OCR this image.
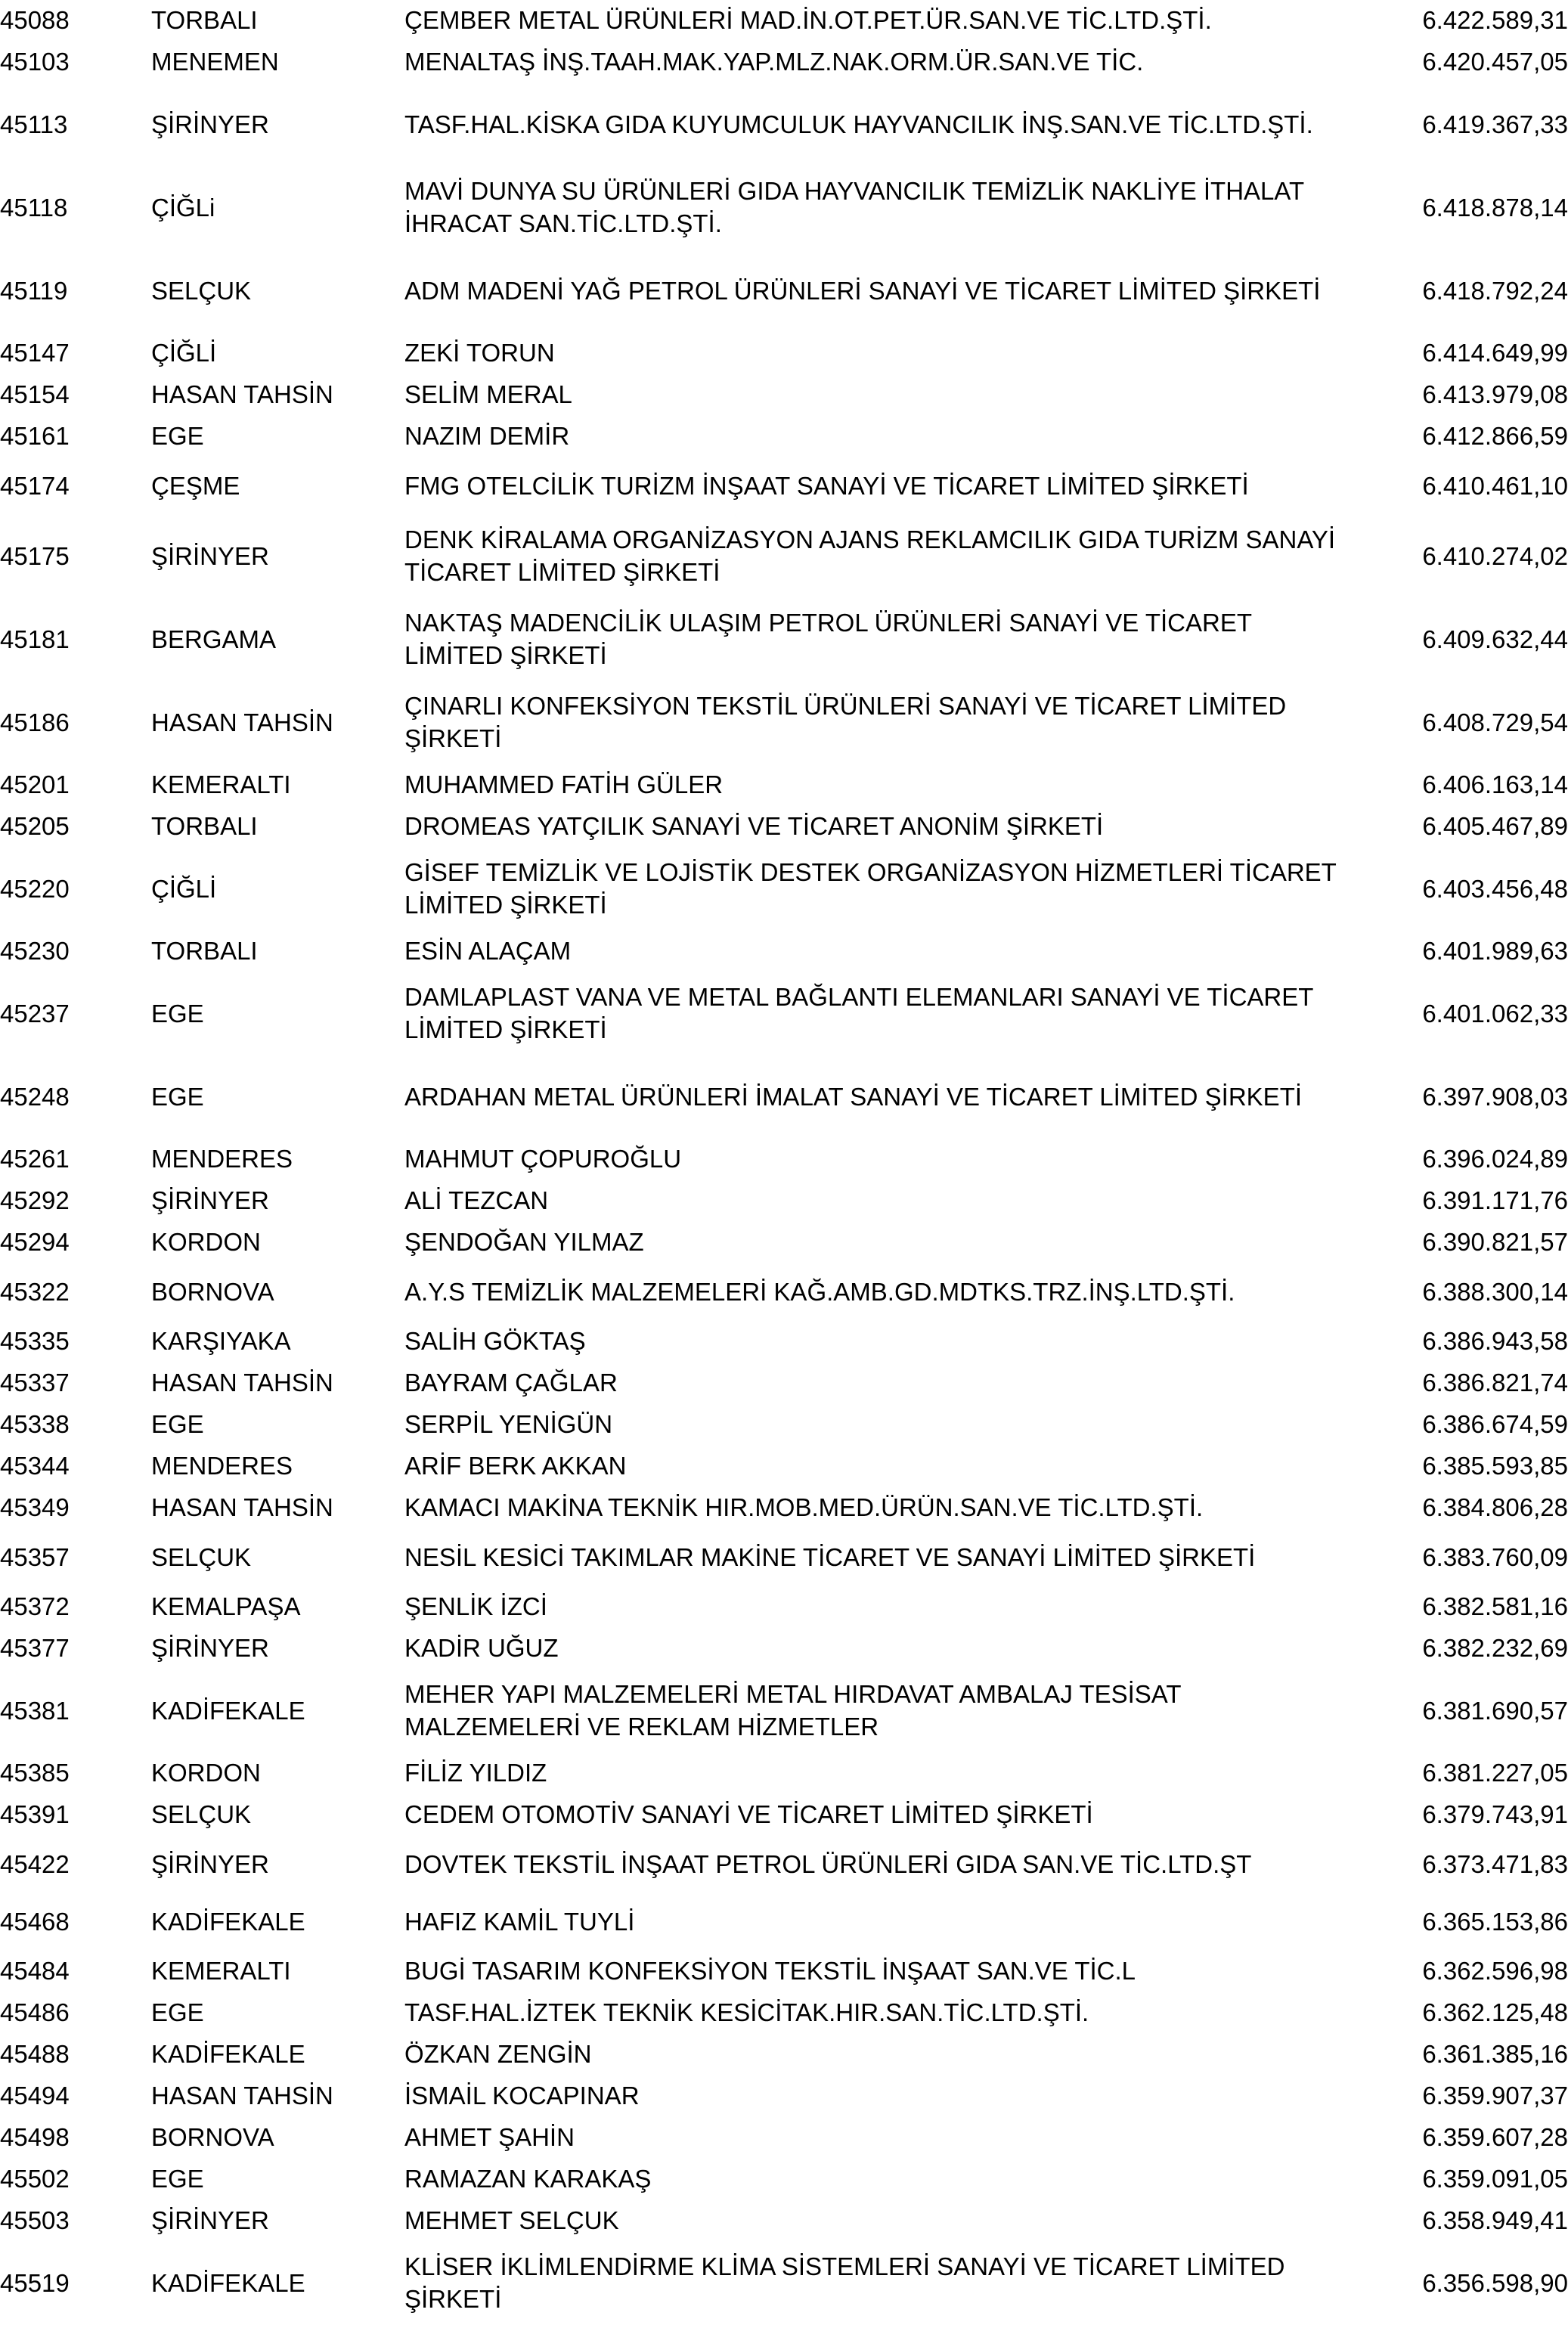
45088	TORBALI	ÇEMBER METAL ÜRÜNLERİ MAD.İN.OT.PET.ÜR.SAN.VE TİC.LTD.ŞTİ.	6.422.589,31
45103	MENEMEN	MENALTAŞ İNŞ.TAAH.MAK.YAP.MLZ.NAK.ORM.ÜR.SAN.VE TİC.	6.420.457,05
45113	ŞİRİNYER	TASF.HAL.KİSKA GIDA KUYUMCULUK HAYVANCILIK İNŞ.SAN.VE TİC.LTD.ŞTİ.	6.419.367,33
45118	ÇİĞLi	MAVİ DUNYA SU ÜRÜNLERİ GIDA HAYVANCILIK TEMİZLİK NAKLİYE İTHALAT İHRACAT SAN.TİC.LTD.ŞTİ.	6.418.878,14
45119	SELÇUK	ADM MADENİ YAĞ PETROL ÜRÜNLERİ SANAYİ VE TİCARET LİMİTED ŞİRKETİ	6.418.792,24
45147	ÇİĞLİ	ZEKİ TORUN	6.414.649,99
45154	HASAN TAHSİN	SELİM MERAL	6.413.979,08
45161	EGE	NAZIM DEMİR	6.412.866,59
45174	ÇEŞME	FMG OTELCİLİK TURİZM İNŞAAT SANAYİ VE TİCARET LİMİTED ŞİRKETİ	6.410.461,10
45175	ŞİRİNYER	DENK KİRALAMA ORGANİZASYON AJANS REKLAMCILIK GIDA TURİZM SANAYİ TİCARET LİMİTED ŞİRKETİ	6.410.274,02
45181	BERGAMA	NAKTAŞ MADENCİLİK ULAŞIM PETROL ÜRÜNLERİ SANAYİ VE TİCARET LİMİTED ŞİRKETİ	6.409.632,44
45186	HASAN TAHSİN	ÇINARLI KONFEKSİYON TEKSTİL ÜRÜNLERİ SANAYİ VE TİCARET LİMİTED ŞİRKETİ	6.408.729,54
45201	KEMERALTI	MUHAMMED FATİH GÜLER	6.406.163,14
45205	TORBALI	DROMEAS YATÇILIK SANAYİ VE TİCARET ANONİM ŞİRKETİ	6.405.467,89
45220	ÇİĞLİ	GİSEF TEMİZLİK VE LOJİSTİK DESTEK ORGANİZASYON HİZMETLERİ TİCARET LİMİTED ŞİRKETİ	6.403.456,48
45230	TORBALI	ESİN ALAÇAM	6.401.989,63
45237	EGE	DAMLAPLAST VANA VE METAL BAĞLANTI ELEMANLARI SANAYİ VE TİCARET LİMİTED ŞİRKETİ	6.401.062,33
45248	EGE	ARDAHAN METAL ÜRÜNLERİ İMALAT SANAYİ VE TİCARET LİMİTED ŞİRKETİ	6.397.908,03
45261	MENDERES	MAHMUT ÇOPUROĞLU	6.396.024,89
45292	ŞİRİNYER	ALİ TEZCAN	6.391.171,76
45294	KORDON	ŞENDOĞAN YILMAZ	6.390.821,57
45322	BORNOVA	A.Y.S TEMİZLİK MALZEMELERİ KAĞ.AMB.GD.MDTKS.TRZ.İNŞ.LTD.ŞTİ.	6.388.300,14
45335	KARŞIYAKA	SALİH GÖKTAŞ	6.386.943,58
45337	HASAN TAHSİN	BAYRAM ÇAĞLAR	6.386.821,74
45338	EGE	SERPİL YENİGÜN	6.386.674,59
45344	MENDERES	ARİF BERK AKKAN	6.385.593,85
45349	HASAN TAHSİN	KAMACI MAKİNA TEKNİK HIR.MOB.MED.ÜRÜN.SAN.VE TİC.LTD.ŞTİ.	6.384.806,28
45357	SELÇUK	NESİL KESİCİ TAKIMLAR MAKİNE TİCARET VE SANAYİ LİMİTED ŞİRKETİ	6.383.760,09
45372	KEMALPAŞA	ŞENLİK İZCİ	6.382.581,16
45377	ŞİRİNYER	KADİR UĞUZ	6.382.232,69
45381	KADİFEKALE	MEHER YAPI MALZEMELERİ METAL HIRDAVAT AMBALAJ TESİSAT MALZEMELERİ VE REKLAM HİZMETLER	6.381.690,57
45385	KORDON	FİLİZ YILDIZ	6.381.227,05
45391	SELÇUK	CEDEM OTOMOTİV SANAYİ VE TİCARET LİMİTED ŞİRKETİ	6.379.743,91
45422	ŞİRİNYER	DOVTEK TEKSTİL İNŞAAT PETROL ÜRÜNLERİ GIDA SAN.VE TİC.LTD.ŞT	6.373.471,83
45468	KADİFEKALE	HAFIZ KAMİL TUYLİ	6.365.153,86
45484	KEMERALTI	BUGİ TASARIM KONFEKSİYON TEKSTİL İNŞAAT SAN.VE TİC.L	6.362.596,98
45486	EGE	TASF.HAL.İZTEK TEKNİK KESİCİTAK.HIR.SAN.TİC.LTD.ŞTİ.	6.362.125,48
45488	KADİFEKALE	ÖZKAN ZENGİN	6.361.385,16
45494	HASAN TAHSİN	İSMAİL KOCAPINAR	6.359.907,37
45498	BORNOVA	AHMET ŞAHİN	6.359.607,28
45502	EGE	RAMAZAN KARAKAŞ	6.359.091,05
45503	ŞİRİNYER	MEHMET SELÇUK	6.358.949,41
45519	KADİFEKALE	KLİSER İKLİMLENDİRME KLİMA SİSTEMLERİ SANAYİ VE TİCARET LİMİTED ŞİRKETİ	6.356.598,90
